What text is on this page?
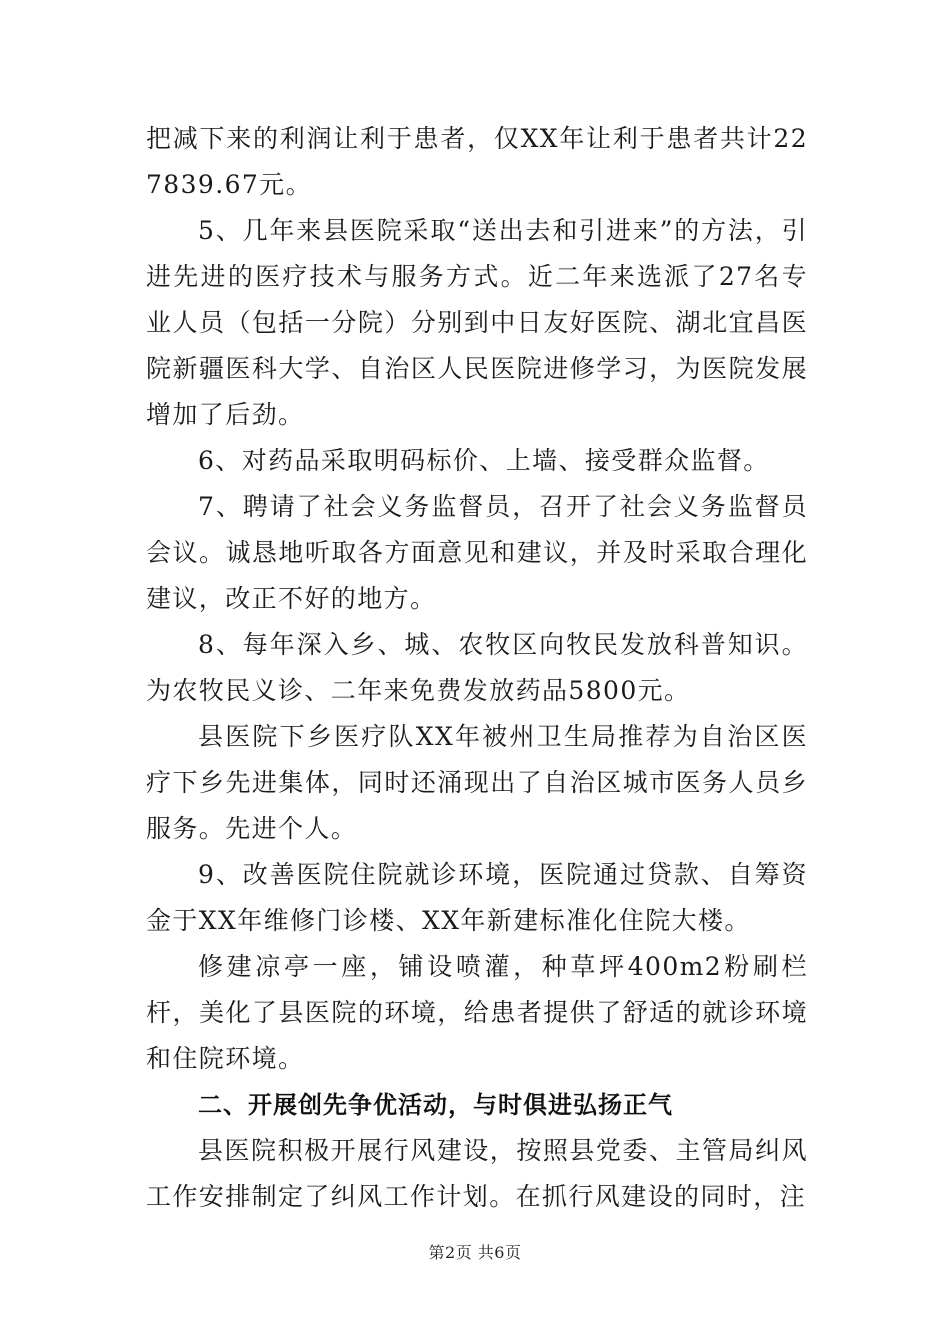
把减下来的利润让利于患者，仅XX年让利于患者共计227839.67元。

5、几年来县医院采取“送出去和引进来”的方法，引进先进的医疗技术与服务方式。近二年来选派了27名专业人员（包括一分院）分别到中日友好医院、湖北宜昌医院新疆医科大学、自治区人民医院进修学习，为医院发展增加了后劲。

6、对药品采取明码标价、上墙、接受群众监督。

7、聘请了社会义务监督员，召开了社会义务监督员会议。诚恳地听取各方面意见和建议，并及时采取合理化建议，改正不好的地方。

8、每年深入乡、城、农牧区向牧民发放科普知识。为农牧民义诊、二年来免费发放药品5800元。

县医院下乡医疗队XX年被州卫生局推荐为自治区医疗下乡先进集体，同时还涌现出了自治区城市医务人员乡服务。先进个人。

9、改善医院住院就诊环境，医院通过贷款、自筹资金于XX年维修门诊楼、XX年新建标准化住院大楼。

修建凉亭一座，铺设喷灌，种草坪400m2粉刷栏杆，美化了县医院的环境，给患者提供了舒适的就诊环境和住院环境。

二、开展创先争优活动，与时俱进弘扬正气

县医院积极开展行风建设，按照县党委、主管局纠风工作安排制定了纠风工作计划。在抓行风建设的同时，注

第2页 共6页
